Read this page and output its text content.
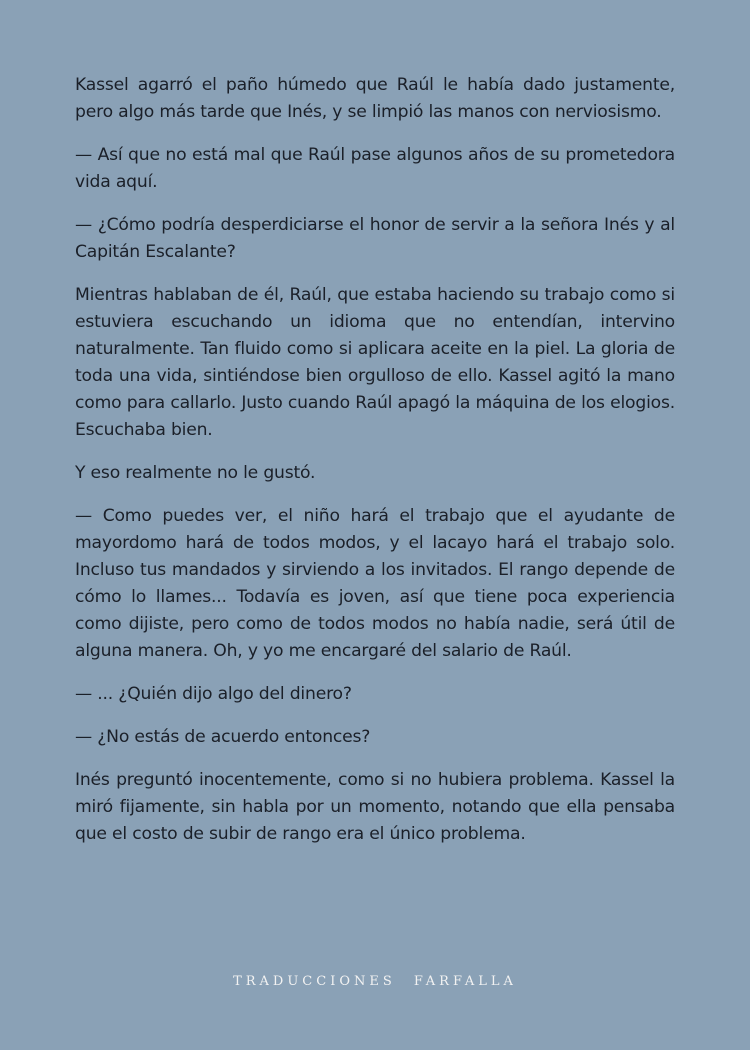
Kassel agarró el paño húmedo que Raúl le había dado justamente, pero algo más tarde que Inés, y se limpió las manos con nerviosismo.

— Así que no está mal que Raúl pase algunos años de su prometedora vida aquí.

— ¿Cómo podría desperdiciarse el honor de servir a la señora Inés y al Capitán Escalante?

Mientras hablaban de él, Raúl, que estaba haciendo su trabajo como si estuviera escuchando un idioma que no entendían, intervino naturalmente. Tan fluido como si aplicara aceite en la piel. La gloria de toda una vida, sintiéndose bien orgulloso de ello. Kassel agitó la mano como para callarlo. Justo cuando Raúl apagó la máquina de los elogios. Escuchaba bien.

Y eso realmente no le gustó.

— Como puedes ver, el niño hará el trabajo que el ayudante de mayordomo hará de todos modos, y el lacayo hará el trabajo solo. Incluso tus mandados y sirviendo a los invitados. El rango depende de cómo lo llames... Todavía es joven, así que tiene poca experiencia como dijiste, pero como de todos modos no había nadie, será útil de alguna manera. Oh, y yo me encargaré del salario de Raúl.

— ... ¿Quién dijo algo del dinero?

— ¿No estás de acuerdo entonces?

Inés preguntó inocentemente, como si no hubiera problema. Kassel la miró fijamente, sin habla por un momento, notando que ella pensaba que el costo de subir de rango era el único problema.

TRADUCCIONES FARFALLA
